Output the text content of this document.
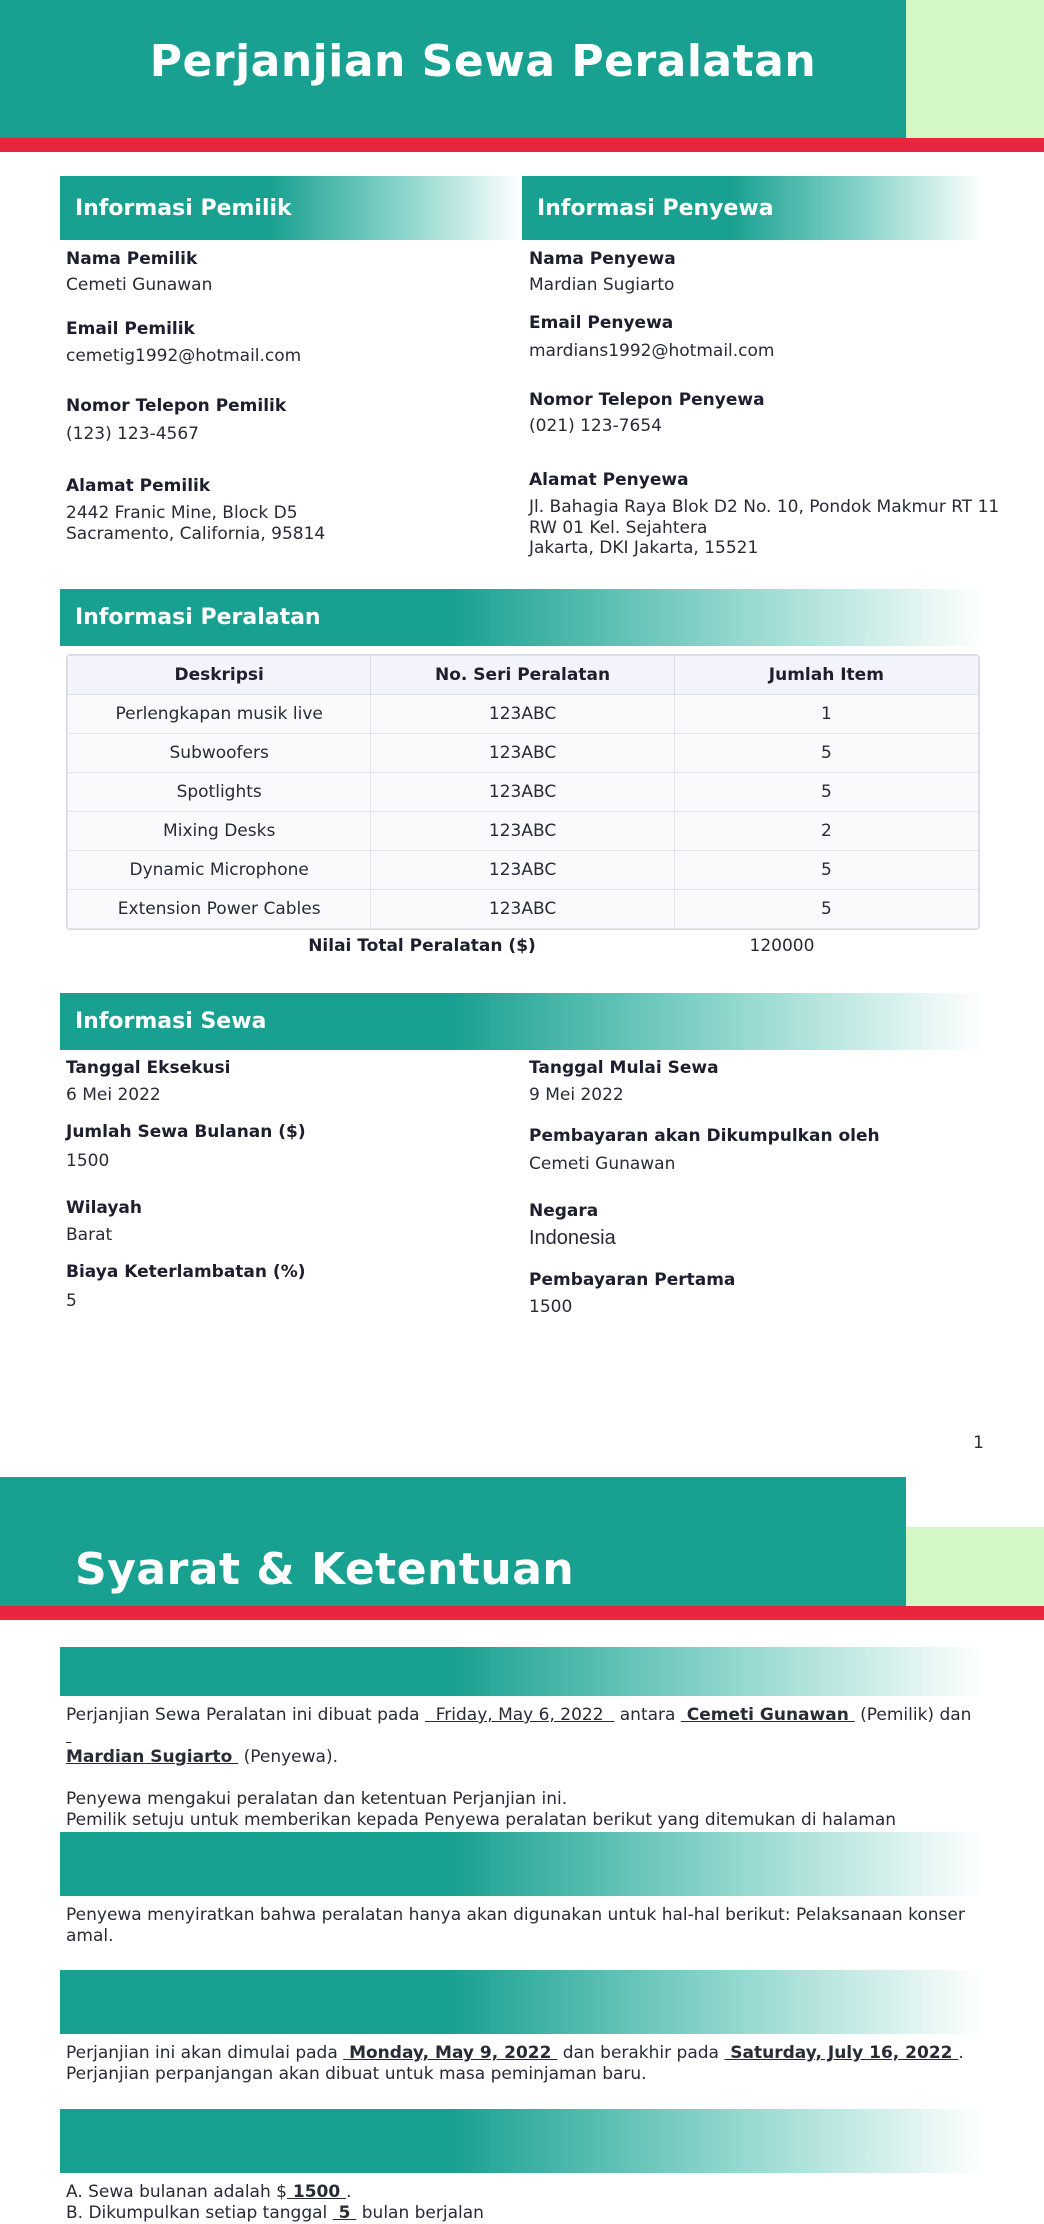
Perjanjian Sewa Peralatan
Informasi Pemilik
Nama Pemilik
Cemeti Gunawan
Email Pemilik
cemetig1992@hotmail.com
Nomor Telepon Pemilik
(123) 123-4567
Alamat Pemilik
2442 Franic Mine, Block D5
Sacramento, California, 95814
Informasi Penyewa
Nama Penyewa
Mardian Sugiarto
Email Penyewa
mardians1992@hotmail.com
Nomor Telepon Penyewa
(021) 123-7654
Alamat Penyewa
Jl. Bahagia Raya Blok D2 No. 10, Pondok Makmur RT 11
RW 01 Kel. Sejahtera
Jakarta, DKI Jakarta, 15521
Informasi Peralatan
Deskripsi	No. Seri Peralatan	Jumlah Item
Perlengkapan musik live	123ABC	1
Subwoofers	123ABC	5
Spotlights	123ABC	5
Mixing Desks	123ABC	2
Dynamic Microphone	123ABC	5
Extension Power Cables	123ABC	5
Nilai Total Peralatan ($)	120000
Informasi Sewa
Tanggal Eksekusi
6 Mei 2022
Jumlah Sewa Bulanan ($)
1500
Wilayah
Barat
Biaya Keterlambatan (%)
5
Tanggal Mulai Sewa
9 Mei 2022
Pembayaran akan Dikumpulkan oleh
Cemeti Gunawan
Negara
Indonesia
Pembayaran Pertama
1500
1
Syarat & Ketentuan
Perjanjian Sewa Peralatan ini dibuat pada   Friday, May 6, 2022   antara  Cemeti Gunawan  (Pemilik) dan
Mardian Sugiarto  (Penyewa).
Penyewa mengakui peralatan dan ketentuan Perjanjian ini.
Pemilik setuju untuk memberikan kepada Penyewa peralatan berikut yang ditemukan di halaman
Penyewa menyiratkan bahwa peralatan hanya akan digunakan untuk hal-hal berikut: Pelaksanaan konser
amal.
Perjanjian ini akan dimulai pada  Monday, May 9, 2022  dan berakhir pada  Saturday, July 16, 2022 .
Perjanjian perpanjangan akan dibuat untuk masa peminjaman baru.
A. Sewa bulanan adalah $ 1500 .
B. Dikumpulkan setiap tanggal  5  bulan berjalan
